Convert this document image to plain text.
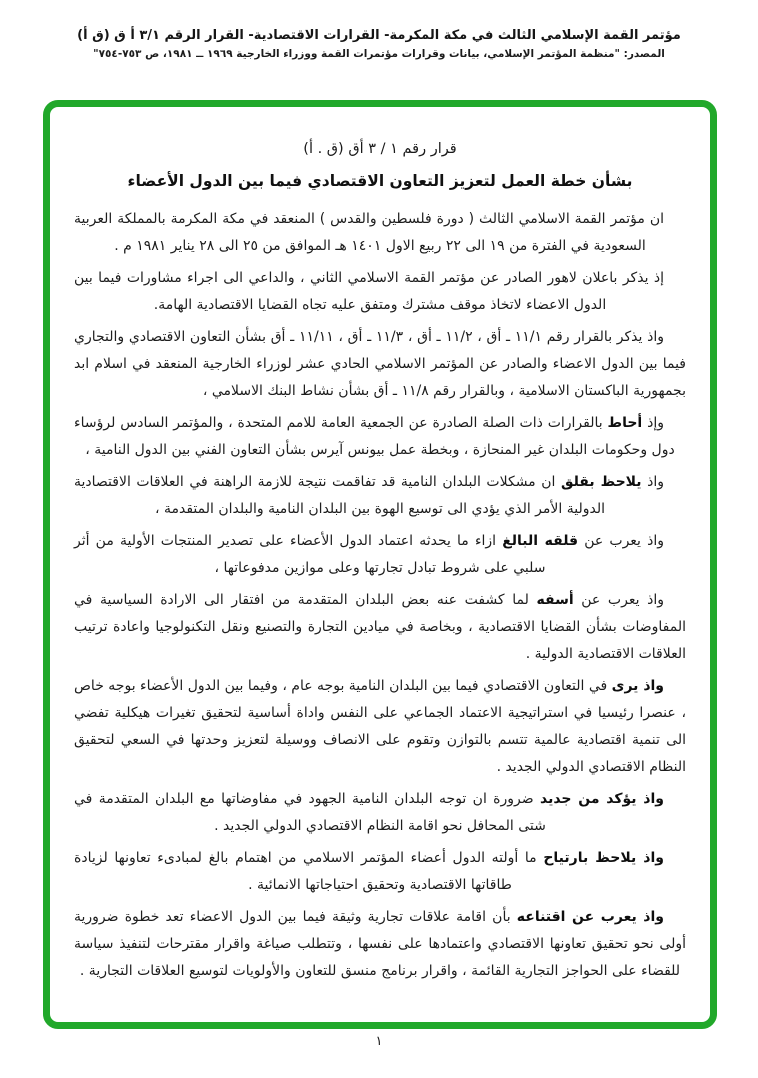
مؤتمر القمة الإسلامي الثالث في مكة المكرمة- القرارات الاقتصادية- القرار الرقم ٣/١ أ ق (ق أ)
المصدر: "منظمة المؤتمر الإسلامي، بيانات وقرارات مؤتمرات القمة ووزراء الخارجية ١٩٦٩ ــ ١٩٨١، ص ٧٥٣-٧٥٤"
قرار رقم ١ / ٣ أق (ق . أ)
بشأن خطة العمل لتعزيز التعاون الاقتصادي فيما بين الدول الأعضاء

ان مؤتمر القمة الاسلامي الثالث ( دورة فلسطين والقدس ) المنعقد في مكة المكرمة بالمملكة العربية السعودية في الفترة من ١٩ الى ٢٢ ربيع الاول ١٤٠١ هـ الموافق من ٢٥ الى ٢٨ يناير ١٩٨١ م .

إذ يذكر باعلان لاهور الصادر عن مؤتمر القمة الاسلامي الثاني ، والداعي الى اجراء مشاورات فيما بين الدول الاعضاء لاتخاذ موقف مشترك ومتفق عليه تجاه القضايا الاقتصادية الهامة.

واذ يذكر بالقرار رقم ١١/١ ـ أق ، ١١/٢ ـ أق ، ١١/٣ ـ أق ، ١١/١١ ـ أق بشأن التعاون الاقتصادي والتجاري فيما بين الدول الاعضاء والصادر عن المؤتمر الاسلامي الحادي عشر لوزراء الخارجية المنعقد في اسلام ابد بجمهورية الباكستان الاسلامية ، وبالقرار رقم ١١/٨ ـ أق بشأن نشاط البنك الاسلامي ،

وإذ أحاط بالقرارات ذات الصلة الصادرة عن الجمعية العامة للامم المتحدة ، والمؤتمر السادس لرؤساء دول وحكومات البلدان غير المنحازة ، وبخطة عمل بيونس آيرس بشأن التعاون الفني بين الدول النامية ،

واذ يلاحظ بقلق ان مشكلات البلدان النامية قد تفاقمت نتيجة للازمة الراهنة في العلاقات الاقتصادية الدولية الأمر الذي يؤدي الى توسيع الهوة بين البلدان النامية والبلدان المتقدمة ،

واذ يعرب عن قلقه البالغ ازاء ما يحدثه اعتماد الدول الأعضاء على تصدير المنتجات الأولية من أثر سلبي على شروط تبادل تجارتها وعلى موازين مدفوعاتها ،

واذ يعرب عن أسفه لما كشفت عنه بعض البلدان المتقدمة من افتقار الى الارادة السياسية في المفاوضات بشأن القضايا الاقتصادية ، وبخاصة في ميادين التجارة والتصنيع ونقل التكنولوجيا واعادة ترتيب العلاقات الاقتصادية الدولية .

واذ يرى في التعاون الاقتصادي فيما بين البلدان النامية بوجه عام ، وفيما بين الدول الأعضاء بوجه خاص ، عنصرا رئيسيا في استراتيجية الاعتماد الجماعي على النفس واداة أساسية لتحقيق تغيرات هيكلية تفضي الى تنمية اقتصادية عالمية تتسم بالتوازن وتقوم على الانصاف ووسيلة لتعزيز وحدتها في السعي لتحقيق النظام الاقتصادي الدولي الجديد .

واذ يؤكد من جديد ضرورة ان توجه البلدان النامية الجهود في مفاوضاتها مع البلدان المتقدمة في شتى المحافل نحو اقامة النظام الاقتصادي الدولي الجديد .

واذ يلاحظ بارتياح ما أولته الدول أعضاء المؤتمر الاسلامي من اهتمام بالغ لمبادىء تعاونها لزيادة طاقاتها الاقتصادية وتحقيق احتياجاتها الانمائية .

واذ يعرب عن اقتناعه بأن اقامة علاقات تجارية وثيقة فيما بين الدول الاعضاء تعد خطوة ضرورية أولى نحو تحقيق تعاونها الاقتصادي واعتمادها على نفسها ، وتتطلب صياغة واقرار مقترحات لتنفيذ سياسة للقضاء على الحواجز التجارية القائمة ، واقرار برنامج منسق للتعاون والأولويات لتوسيع العلاقات التجارية .

١
